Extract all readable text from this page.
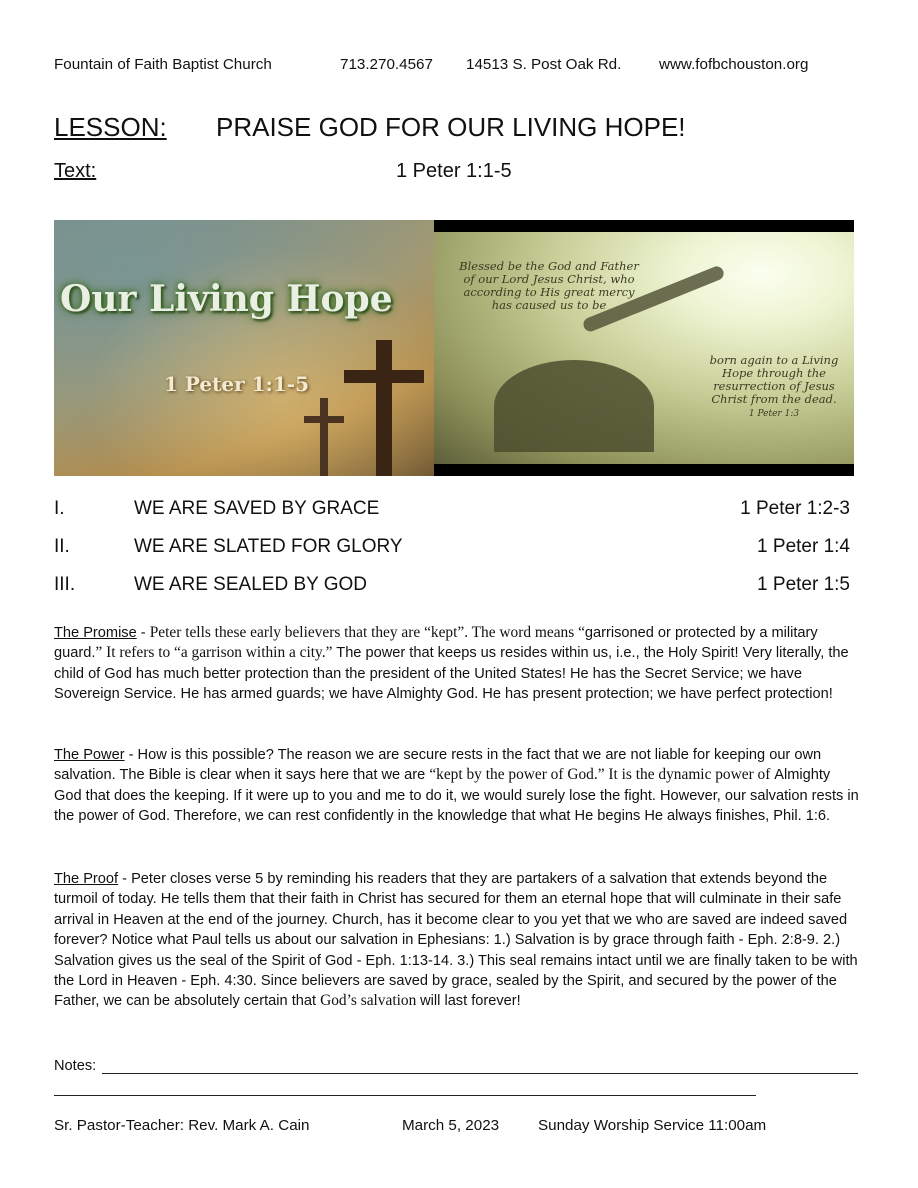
Fountain of Faith Baptist Church	713.270.4567 14513 S. Post Oak Rd. www.fofbchouston.org
LESSON: PRAISE GOD FOR OUR LIVING HOPE!
Text:	1 Peter 1:1-5
Our Living Hope
1 Peter 1:1-5
Blessed be the God and Father of our Lord Jesus Christ, who according to His great mercy has caused us to be
born again to a Living Hope through the resurrection of Jesus Christ from the dead.
1 Peter 1:3
I.	WE ARE SAVED BY GRACE	1 Peter 1:2-3
II.	WE ARE SLATED FOR GLORY	1 Peter 1:4
III.	WE ARE SEALED BY GOD	1 Peter 1:5
The Promise - Peter tells these early believers that they are “kept”. The word means “garrisoned or protected by a military guard.” It refers to “a garrison within a city.” The power that keeps us resides within us, i.e., the Holy Spirit! Very literally, the child of God has much better protection than the president of the United States! He has the Secret Service; we have Sovereign Service. He has armed guards; we have Almighty God. He has present protection; we have perfect protection!
The Power - How is this possible? The reason we are secure rests in the fact that we are not liable for keeping our own salvation. The Bible is clear when it says here that we are “kept by the power of God.” It is the dynamic power of Almighty God that does the keeping. If it were up to you and me to do it, we would surely lose the fight. However, our salvation rests in the power of God. Therefore, we can rest confidently in the knowledge that what He begins He always finishes, Phil. 1:6.
The Proof - Peter closes verse 5 by reminding his readers that they are partakers of a salvation that extends beyond the turmoil of today. He tells them that their faith in Christ has secured for them an eternal hope that will culminate in their safe arrival in Heaven at the end of the journey. Church, has it become clear to you yet that we who are saved are indeed saved forever? Notice what Paul tells us about our salvation in Ephesians: 1.) Salvation is by grace through faith - Eph. 2:8-9. 2.) Salvation gives us the seal of the Spirit of God - Eph. 1:13-14. 3.) This seal remains intact until we are finally taken to be with the Lord in Heaven - Eph. 4:30. Since believers are saved by grace, sealed by the Spirit, and secured by the power of the Father, we can be absolutely certain that God’s salvation will last forever!
Notes:
Sr. Pastor-Teacher: Rev. Mark A. Cain	March 5, 2023	Sunday Worship Service 11:00am
